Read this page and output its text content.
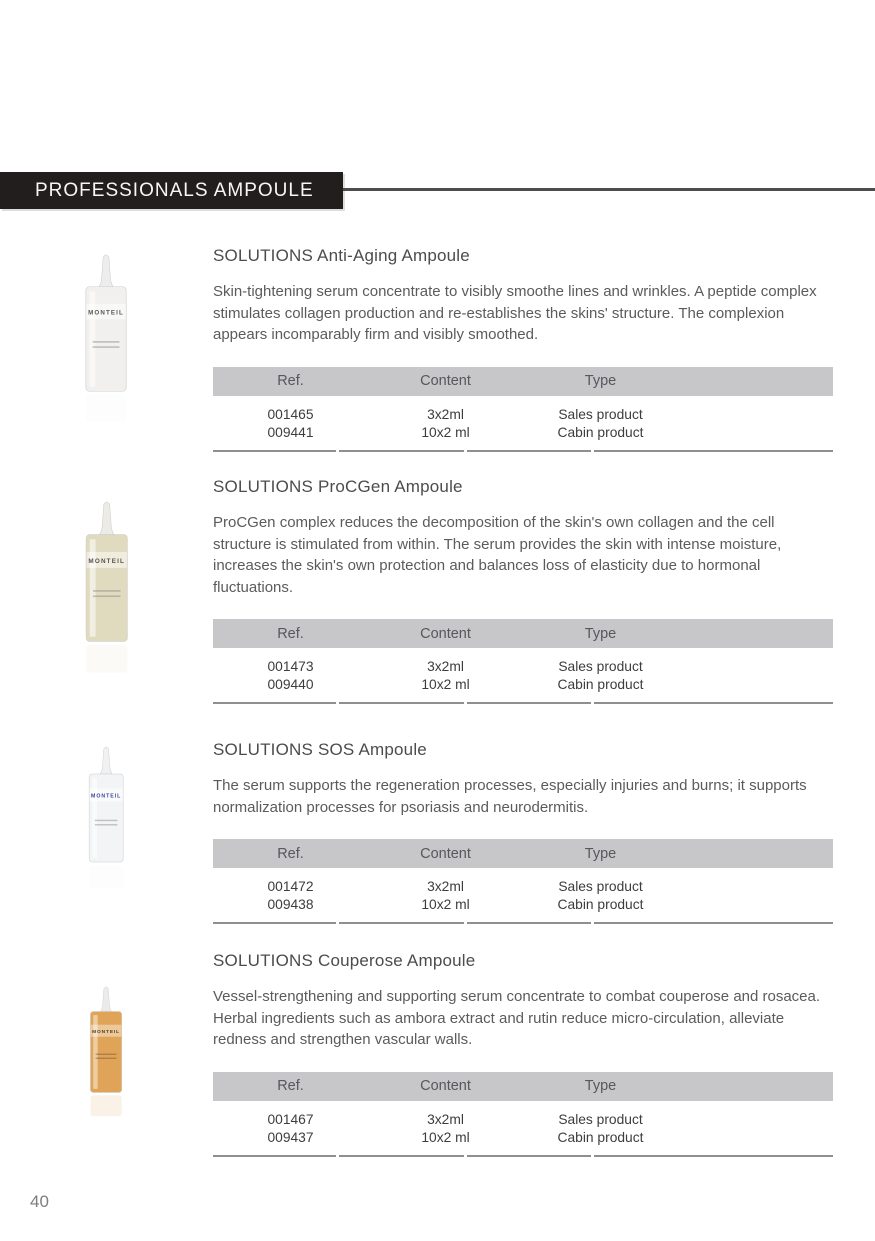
PROFESSIONALS AMPOULE
MONTEIL
SOLUTIONS Anti-Aging Ampoule

Skin-tightening serum concentrate to visibly smoothe lines and wrinkles. A peptide complex stimulates collagen production and re-establishes the skins' structure. The complexion appears incomparably firm and visibly smoothed.

Ref.	Content	Type
001465	3x2ml	Sales product
009441	10x2 ml	Cabin product
MONTEIL
SOLUTIONS ProCGen Ampoule

ProCGen complex reduces the decomposition of the skin's own collagen and the cell structure is stimulated from within. The serum provides the skin with intense moisture, increases the skin's own protection and balances loss of elasticity due to hormonal fluctuations.

Ref.	Content	Type
001473	3x2ml	Sales product
009440	10x2 ml	Cabin product
MONTEIL
SOLUTIONS SOS Ampoule

The serum supports the regeneration processes, especially injuries and burns; it supports normalization processes for psoriasis and neurodermitis.

Ref.	Content	Type
001472	3x2ml	Sales product
009438	10x2 ml	Cabin product
MONTEIL
SOLUTIONS Couperose Ampoule

Vessel-strengthening and supporting serum concentrate to combat couperose and rosacea. Herbal ingredients such as ambora extract and rutin reduce micro-circulation, alleviate redness and strengthen vascular walls.

Ref.	Content	Type
001467	3x2ml	Sales product
009437	10x2 ml	Cabin product
40
